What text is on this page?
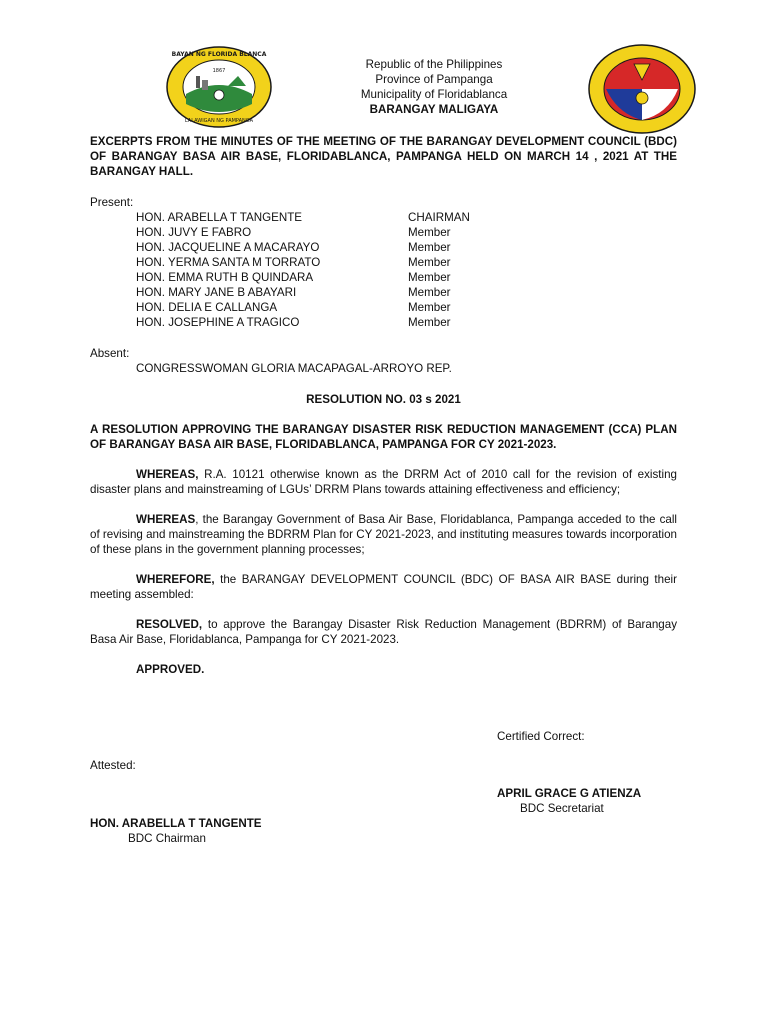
1867
BAYAN NG FLORIDA BLANCA
LALAWIGAN NG PAMPANGA
Republic of the Philippines
Province of Pampanga
Municipality of Floridablanca
BARANGAY MALIGAYA

EXCERPTS FROM THE MINUTES OF THE MEETING OF THE BARANGAY DEVELOPMENT COUNCIL (BDC) OF BARANGAY BASA AIR BASE, FLORIDABLANCA, PAMPANGA HELD ON MARCH 14 , 2021 AT THE BARANGAY HALL.

Present:
HON. ARABELLA T TANGENTE	CHAIRMAN
HON. JUVY E FABRO	Member
HON. JACQUELINE A MACARAYO	Member
HON. YERMA SANTA M TORRATO	Member
HON. EMMA RUTH B QUINDARA	Member
HON. MARY JANE B ABAYARI	Member
HON. DELIA E CALLANGA	Member
HON. JOSEPHINE A TRAGICO	Member
Absent:
CONGRESSWOMAN GLORIA MACAPAGAL-ARROYO REP.
RESOLUTION NO. 03 s 2021
A RESOLUTION APPROVING THE BARANGAY DISASTER RISK REDUCTION MANAGEMENT (CCA) PLAN OF BARANGAY BASA AIR BASE, FLORIDABLANCA, PAMPANGA FOR CY 2021-2023.
WHEREAS, R.A. 10121 otherwise known as the DRRM Act of 2010 call for the revision of existing disaster plans and mainstreaming of LGUs’ DRRM Plans towards attaining effectiveness and efficiency;
WHEREAS, the Barangay Government of Basa Air Base, Floridablanca, Pampanga acceded to the call of revising and mainstreaming the BDRRM Plan for CY 2021-2023, and instituting measures towards incorporation of these plans in the government planning processes;
WHEREFORE, the BARANGAY DEVELOPMENT COUNCIL (BDC) OF BASA AIR BASE during their meeting assembled:
RESOLVED, to approve the Barangay Disaster Risk Reduction Management (BDRRM) of Barangay Basa Air Base, Floridablanca, Pampanga for CY 2021-2023.
APPROVED.
Certified Correct:
Attested:
APRIL GRACE G ATIENZA
BDC Secretariat
HON. ARABELLA T TANGENTE
BDC Chairman
